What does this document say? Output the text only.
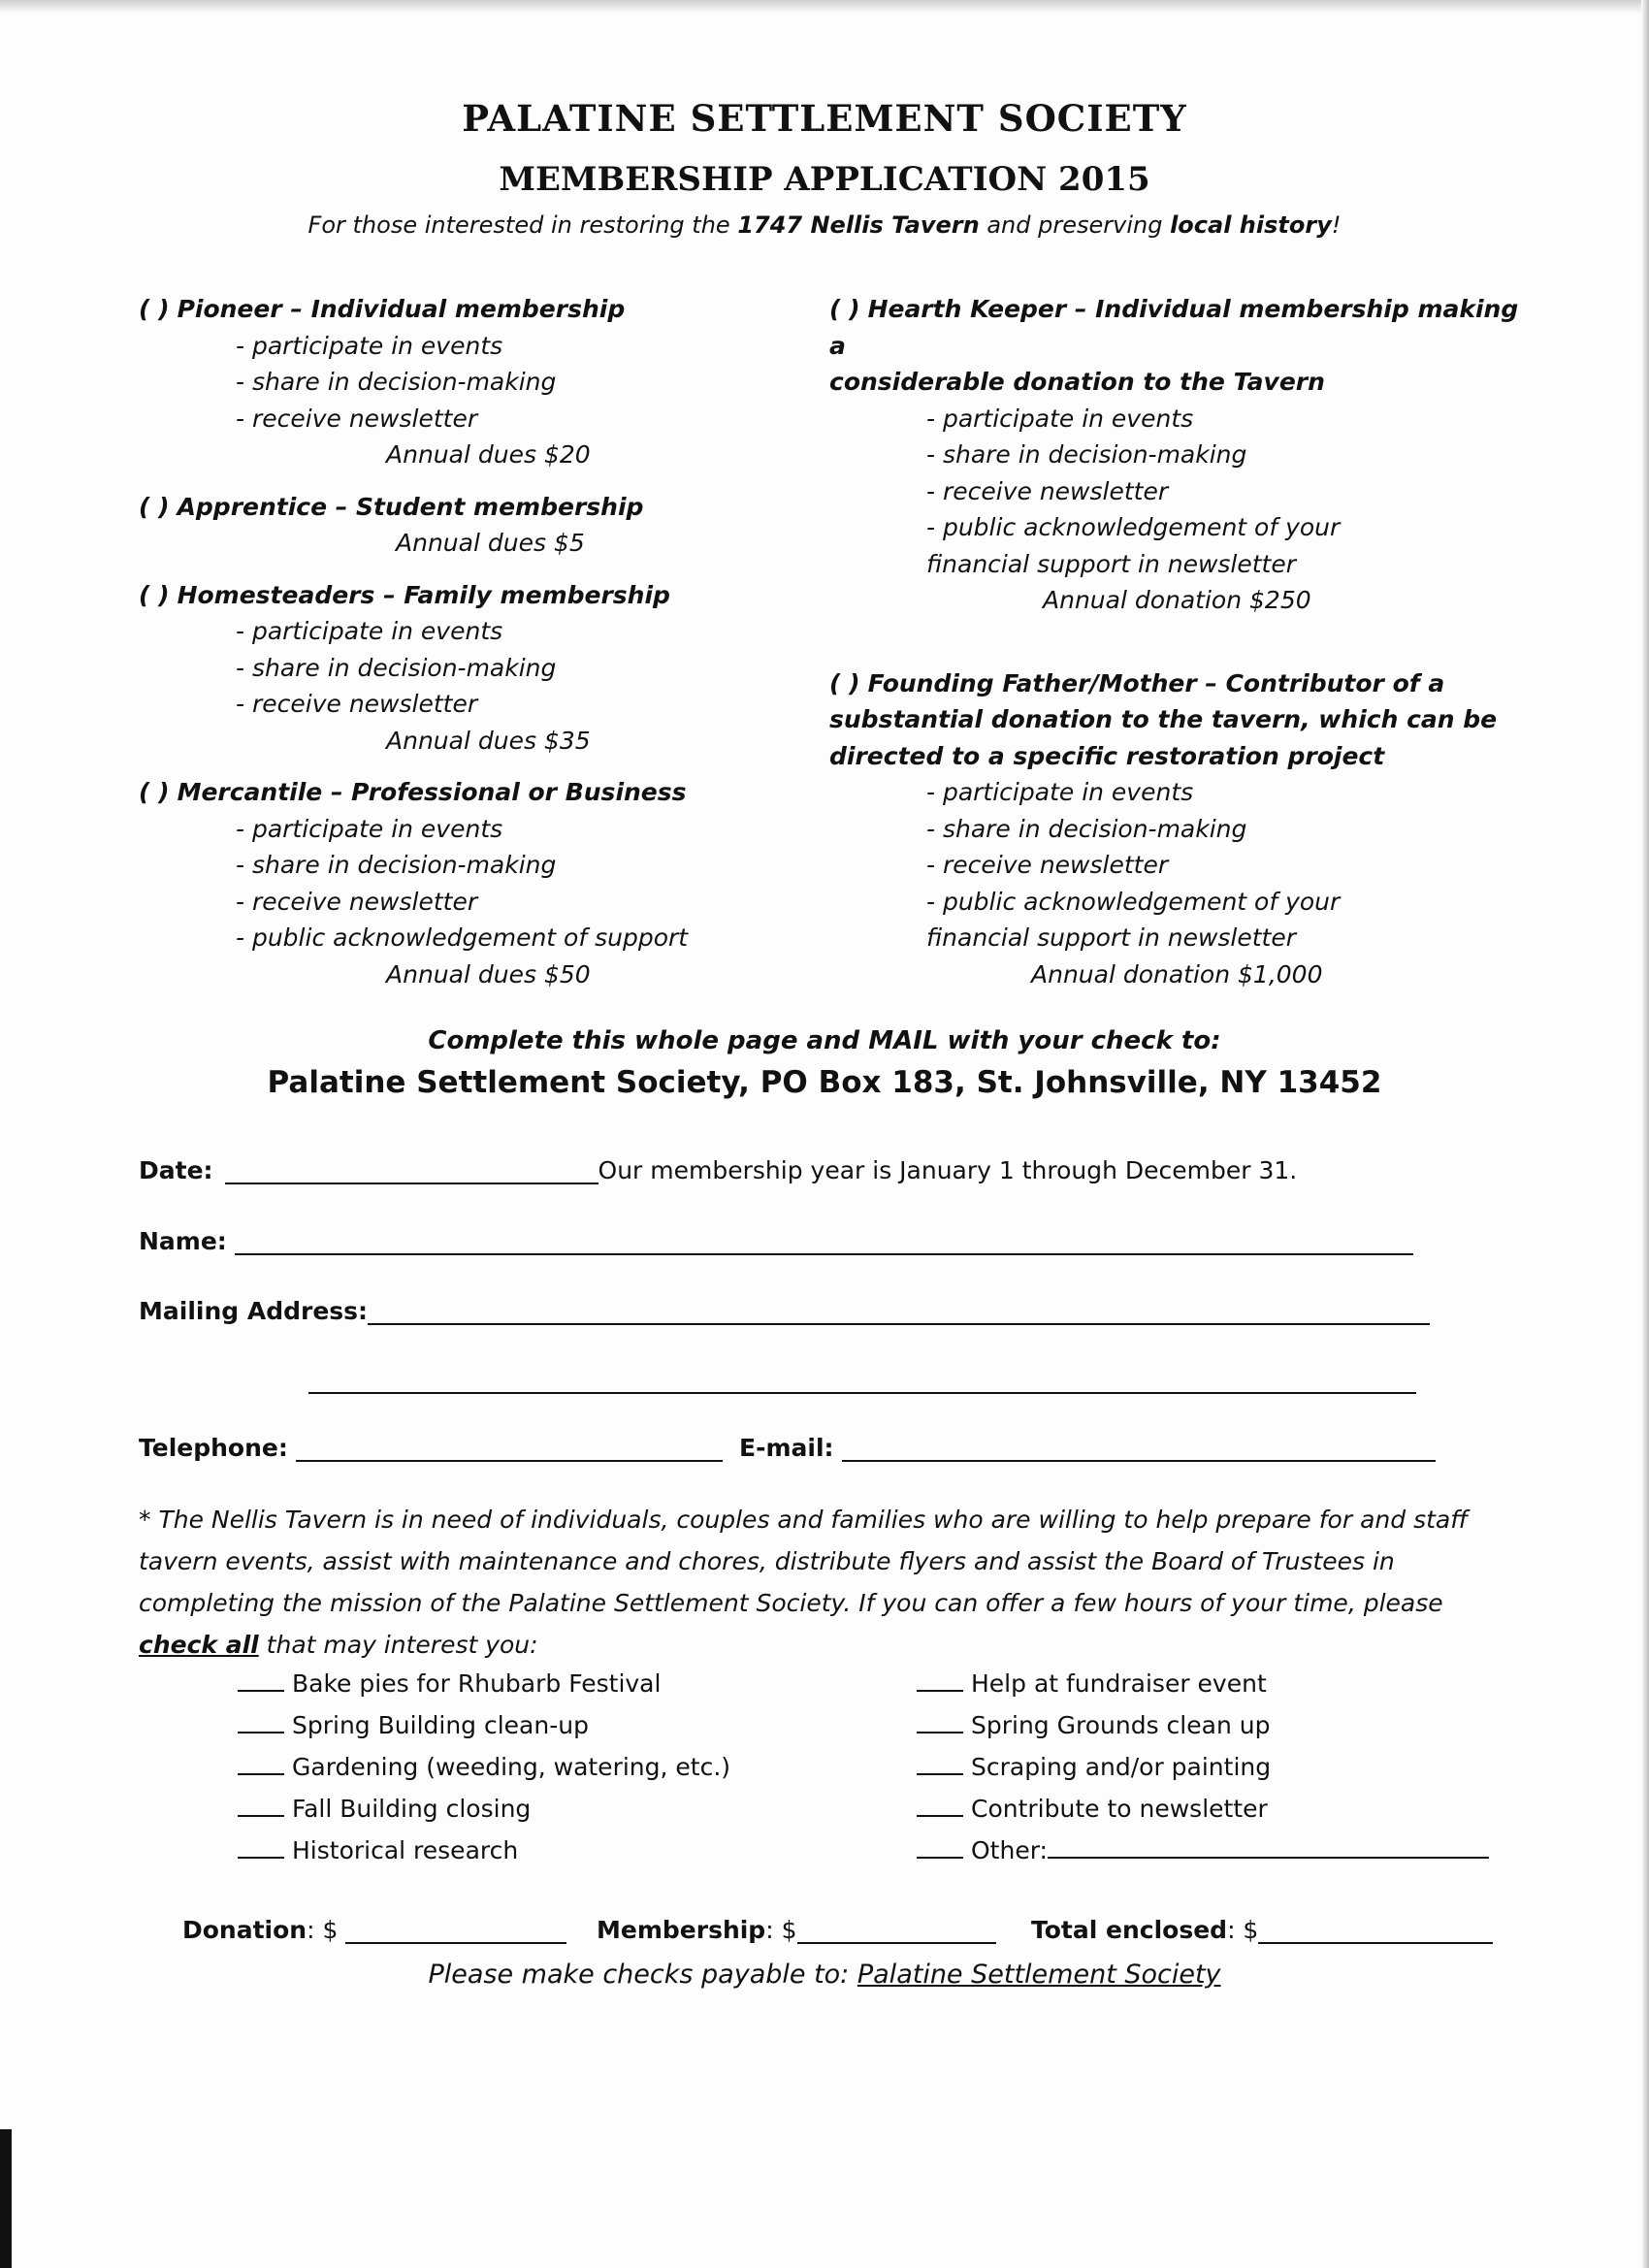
PALATINE SETTLEMENT SOCIETY
MEMBERSHIP APPLICATION 2015
For those interested in restoring the 1747 Nellis Tavern and preserving local history!
( ) Pioneer – Individual membership
- participate in events
- share in decision-making
- receive newsletter
Annual dues $20
( ) Apprentice – Student membership
Annual dues $5
( ) Homesteaders – Family membership
- participate in events
- share in decision-making
- receive newsletter
Annual dues $35
( ) Mercantile – Professional or Business
- participate in events
- share in decision-making
- receive newsletter
- public acknowledgement of support
Annual dues $50
( ) Hearth Keeper – Individual membership making a
considerable donation to the Tavern
- participate in events
- share in decision-making
- receive newsletter
- public acknowledgement of your
financial support in newsletter
Annual donation $250
( ) Founding Father/Mother – Contributor of a
substantial donation to the tavern, which can be
directed to a specific restoration project
- participate in events
- share in decision-making
- receive newsletter
- public acknowledgement of your
financial support in newsletter
Annual donation $1,000
Complete this whole page and MAIL with your check to:
Palatine Settlement Society, PO Box 183, St. Johnsville, NY 13452
Date:	Our membership year is January 1 through December 31.
Name:
Mailing Address:
Telephone:	E-mail:
* The Nellis Tavern is in need of individuals, couples and families who are willing to help prepare for and staff tavern events, assist with maintenance and chores, distribute flyers and assist the Board of Trustees in completing the mission of the Palatine Settlement Society. If you can offer a few hours of your time, please check all that may interest you:
Bake pies for Rhubarb Festival
Spring Building clean-up
Gardening (weeding, watering, etc.)
Fall Building closing
Historical research
Help at fundraiser event
Spring Grounds clean up
Scraping and/or painting
Contribute to newsletter
Other:
Donation : $	Membership : $	Total enclosed : $
Please make checks payable to: Palatine Settlement Society
